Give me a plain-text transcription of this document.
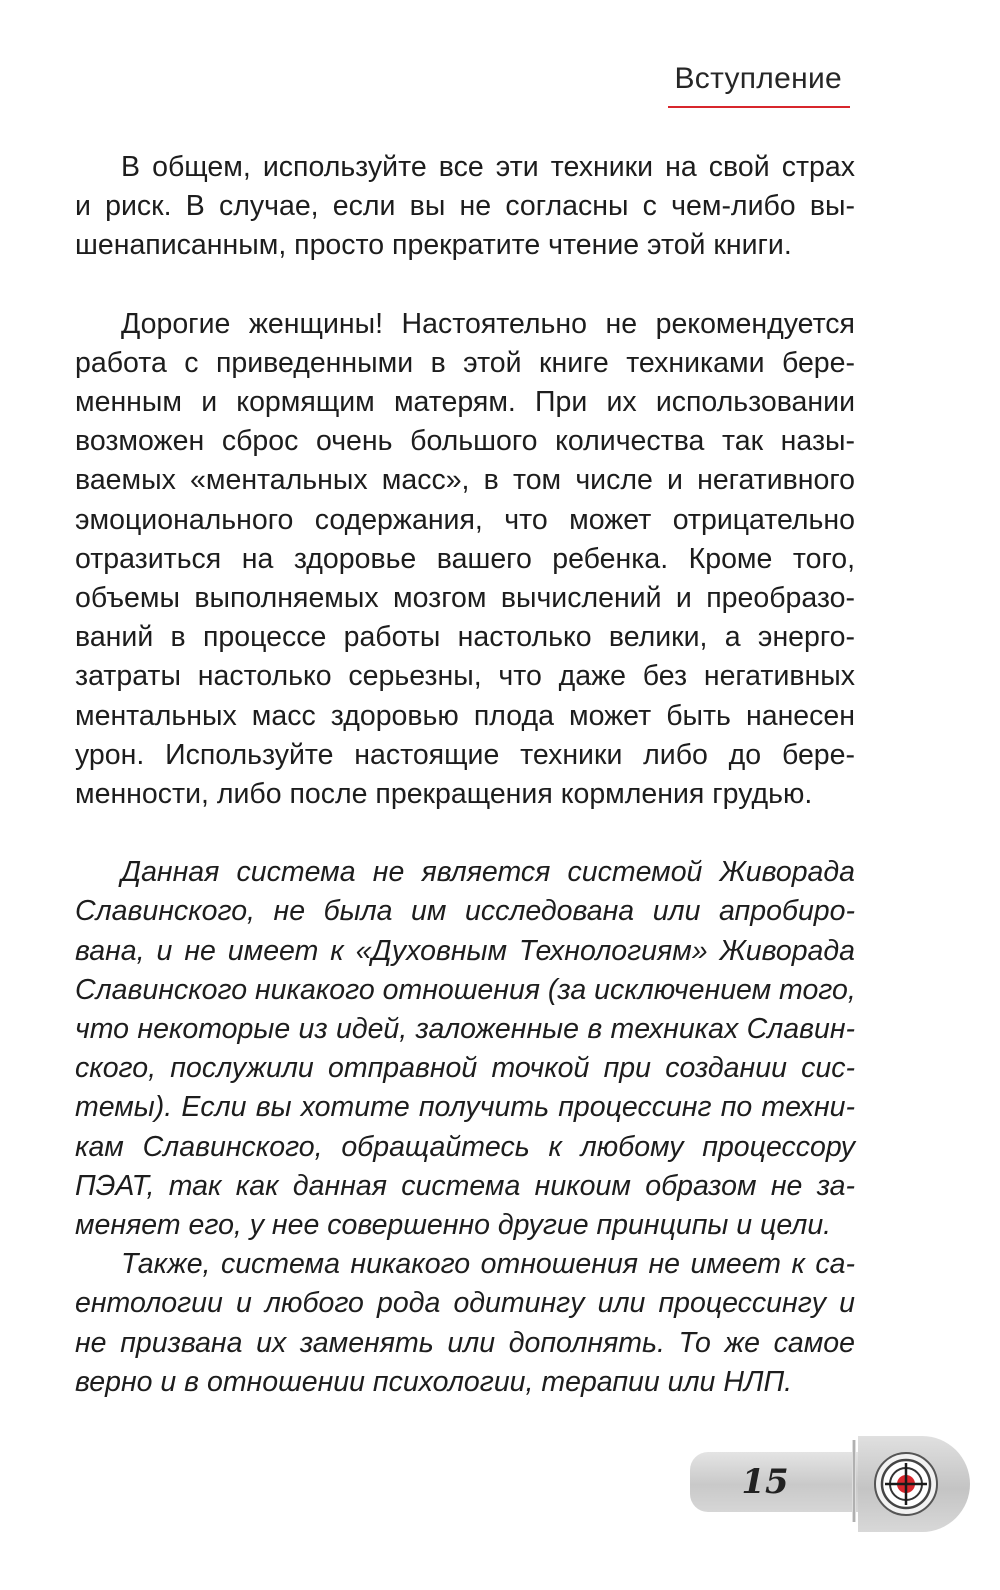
Вступление
В общем, используйте все эти техники на свой страх
и риск. В случае, если вы не согласны с чем-либо вы-
шенаписанным, просто прекратите чтение этой книги.
Дорогие женщины! Настоятельно не рекомендуется
работа с приведенными в этой книге техниками бере-
менным и кормящим матерям. При их использовании
возможен сброс очень большого количества так назы-
ваемых «ментальных масс», в том числе и негативного
эмоционального содержания, что может отрицательно
отразиться на здоровье вашего ребенка. Кроме того,
объемы выполняемых мозгом вычислений и преобразо-
ваний в процессе работы настолько велики, а энерго-
затраты настолько серьезны, что даже без негативных
ментальных масс здоровью плода может быть нанесен
урон. Используйте настоящие техники либо до бере-
менности, либо после прекращения кормления грудью.
Данная система не является системой Живорада
Славинского, не была им исследована или апробиро-
вана, и не имеет к «Духовным Технологиям» Живорада
Славинского никакого отношения (за исключением того,
что некоторые из идей, заложенные в техниках Славин-
ского, послужили отправной точкой при создании сис-
темы). Если вы хотите получить процессинг по техни-
кам Славинского, обращайтесь к любому процессору
ПЭАТ, так как данная система никоим образом не за-
меняет его, у нее совершенно другие принципы и цели.
Также, система никакого отношения не имеет к са-
ентологии и любого рода одитингу или процессингу и
не призвана их заменять или дополнять. То же самое
верно и в отношении психологии, терапии или НЛП.
15
